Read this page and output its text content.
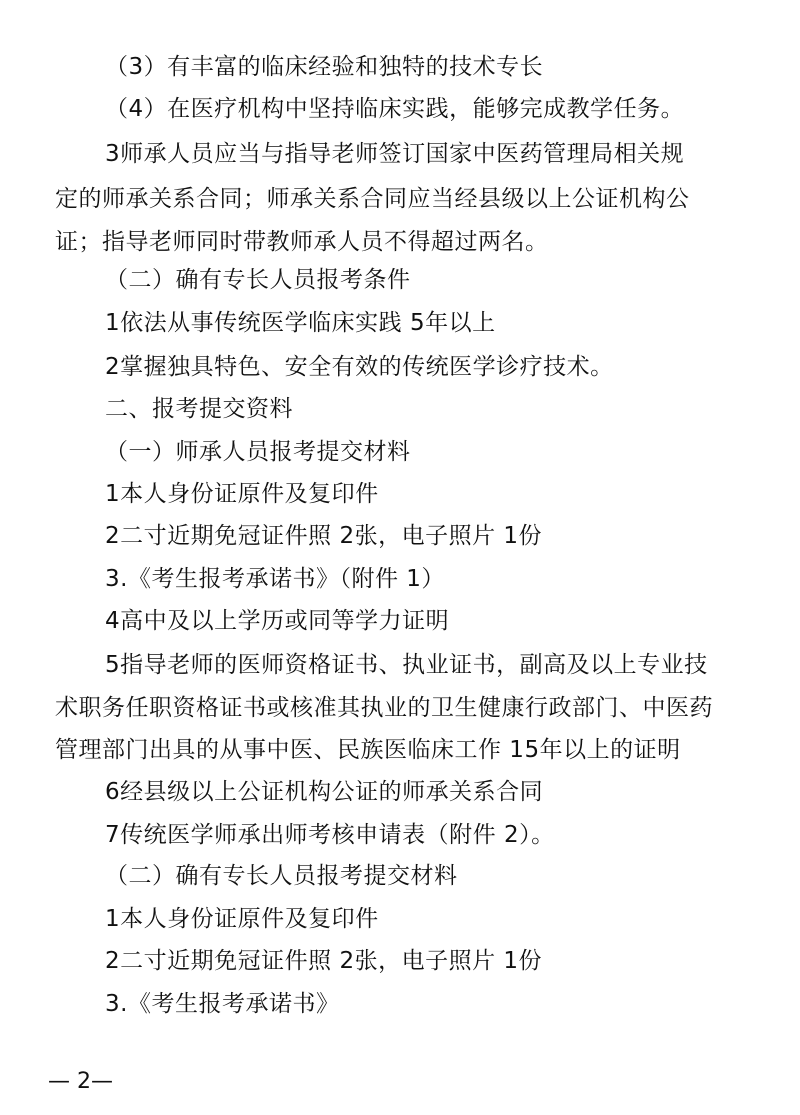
（3）有丰富的临床经验和独特的技术专长
（4）在医疗机构中坚持临床实践，能够完成教学任务。
3师承人员应当与指导老师签订国家中医药管理局相关规
定的师承关系合同；师承关系合同应当经县级以上公证机构公
证；指导老师同时带教师承人员不得超过两名。
（二）确有专长人员报考条件
1依法从事传统医学临床实践 5年以上
2掌握独具特色、安全有效的传统医学诊疗技术。
二、报考提交资料
（一）师承人员报考提交材料
1本人身份证原件及复印件
2二寸近期免冠证件照 2张，电子照片 1份
3.《考生报考承诺书》（附件 1）
4高中及以上学历或同等学力证明
5指导老师的医师资格证书、执业证书，副高及以上专业技
术职务任职资格证书或核准其执业的卫生健康行政部门、中医药
管理部门出具的从事中医、民族医临床工作 15年以上的证明
6经县级以上公证机构公证的师承关系合同
7传统医学师承出师考核申请表（附件 2）。
（二）确有专长人员报考提交材料
1本人身份证原件及复印件
2二寸近期免冠证件照 2张，电子照片 1份
3.《考生报考承诺书》
— 2—
